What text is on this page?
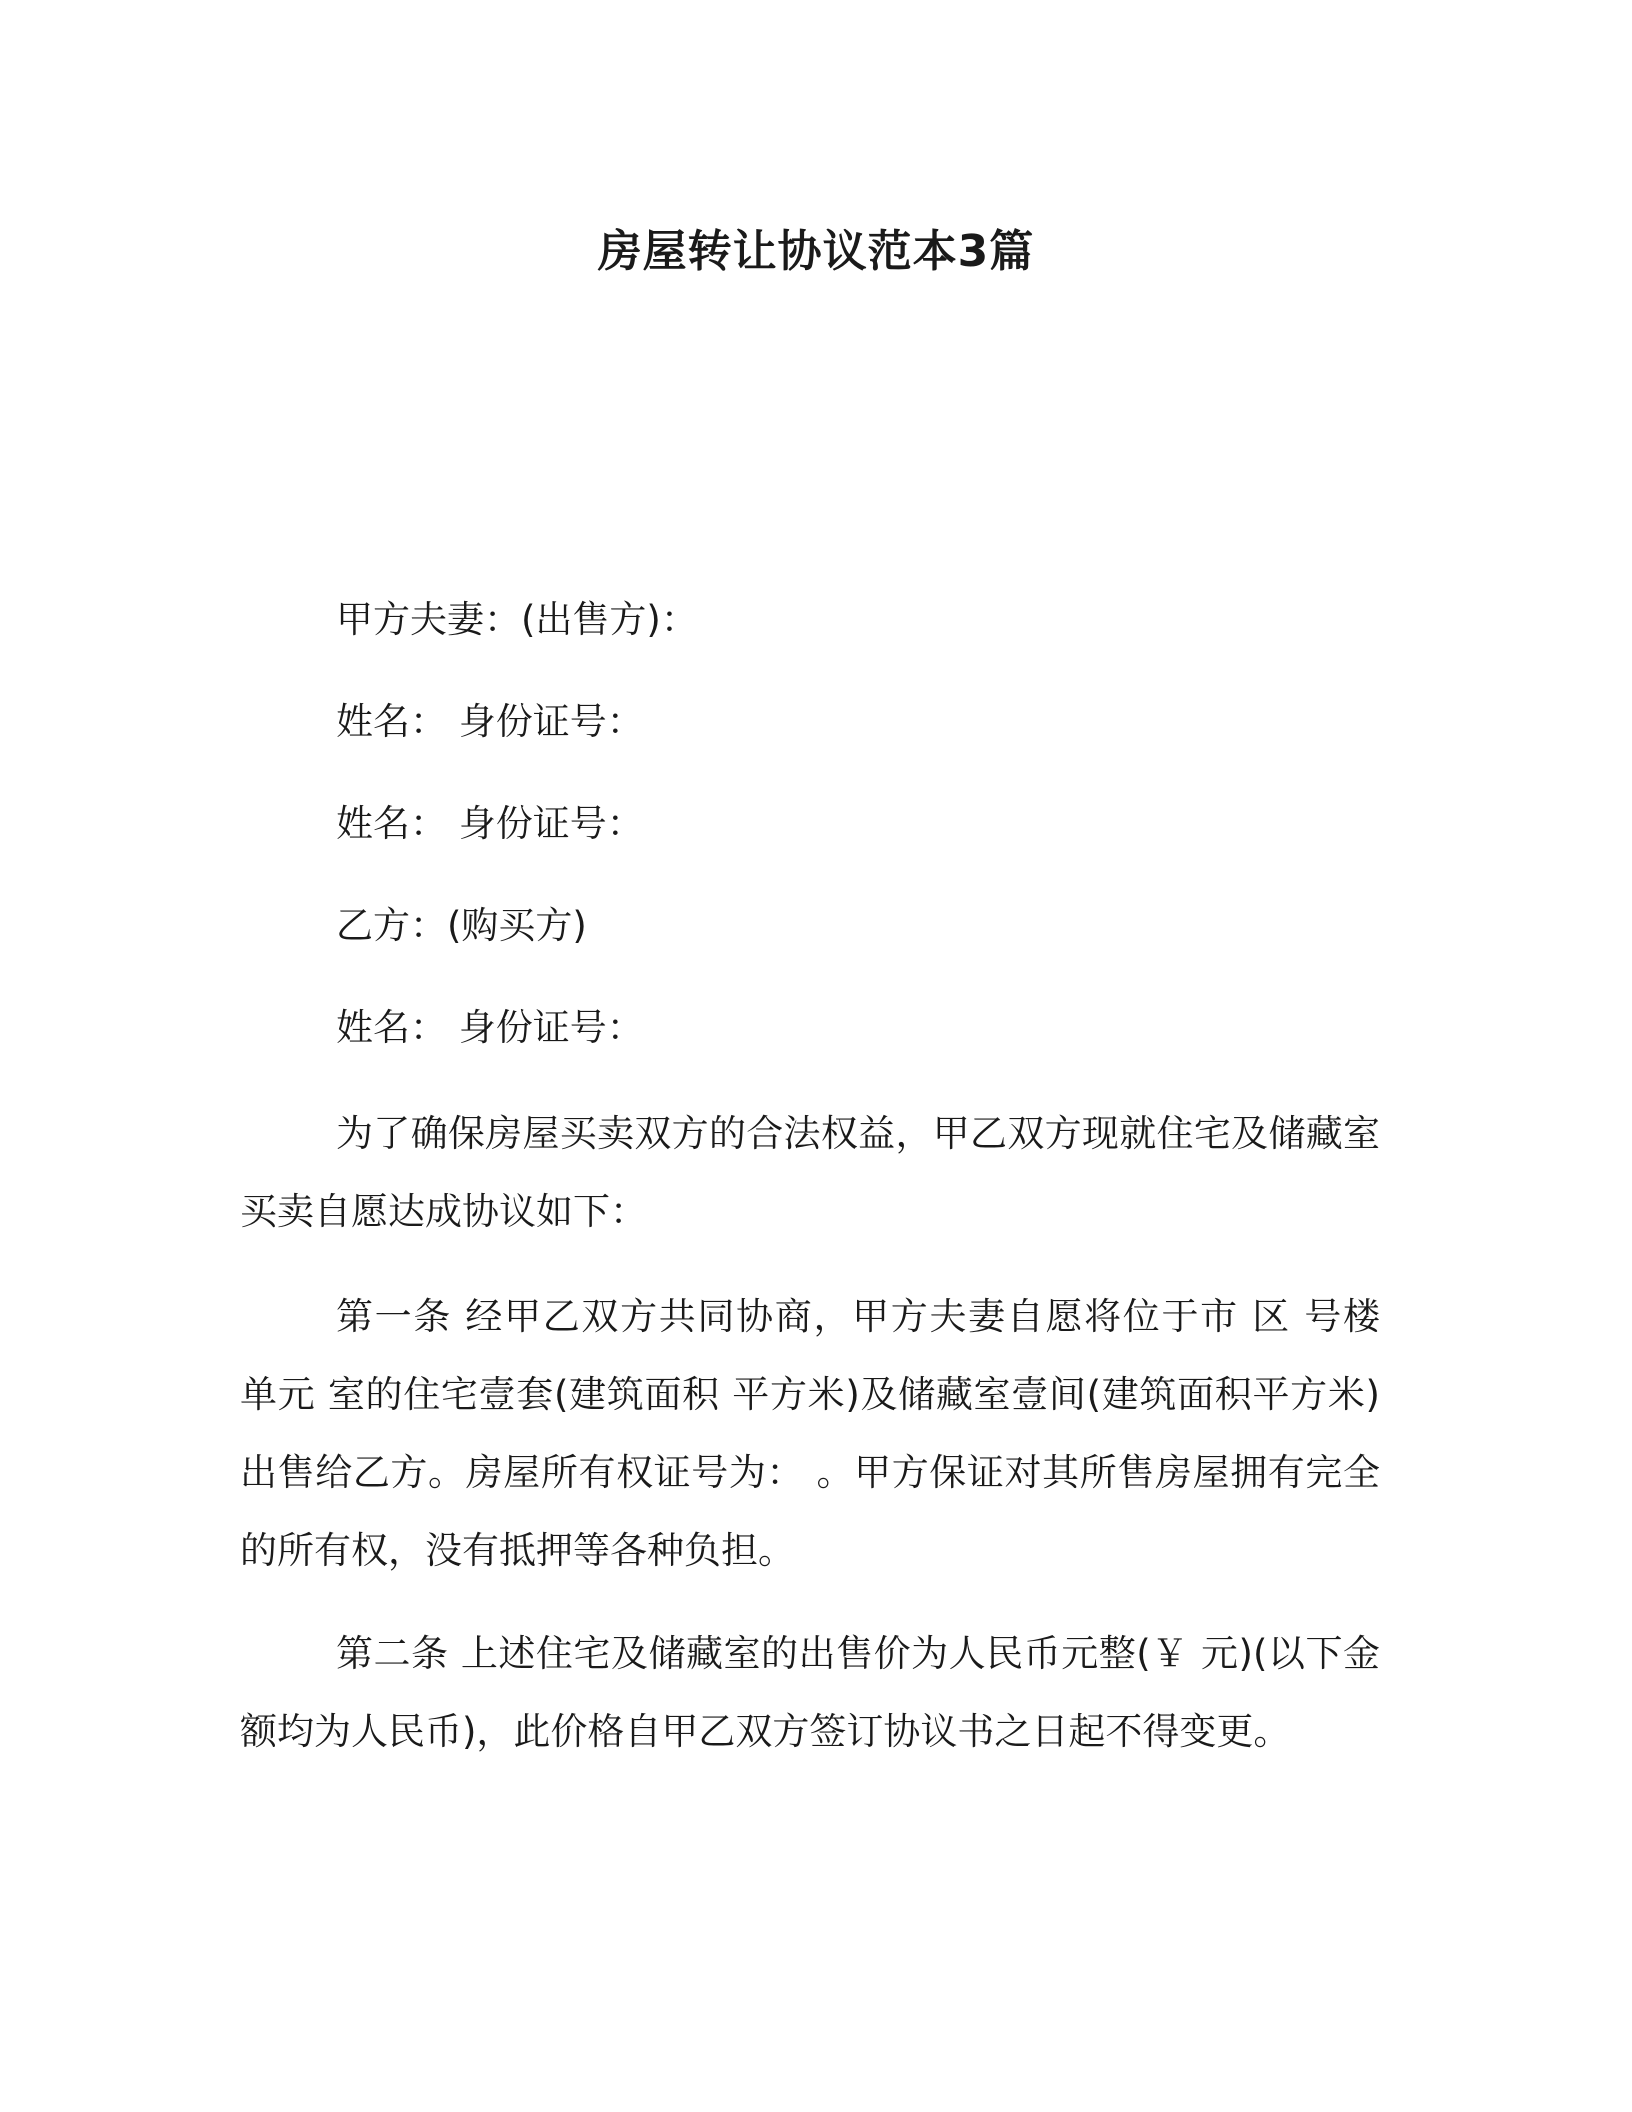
房屋转让协议范本3篇

甲方夫妻：(出售方)：

姓名： 身份证号：

姓名： 身份证号：

乙方：(购买方)

姓名： 身份证号：

为了确保房屋买卖双方的合法权益，甲乙双方现就住宅及储藏室买卖自愿达成协议如下：

第一条 经甲乙双方共同协商，甲方夫妻自愿将位于市 区 号楼 单元 室的住宅壹套(建筑面积 平方米)及储藏室壹间(建筑面积平方米)出售给乙方。房屋所有权证号为： 。甲方保证对其所售房屋拥有完全的所有权，没有抵押等各种负担。

第二条 上述住宅及储藏室的出售价为人民币元整(￥ 元)(以下金额均为人民币)，此价格自甲乙双方签订协议书之日起不得变更。
